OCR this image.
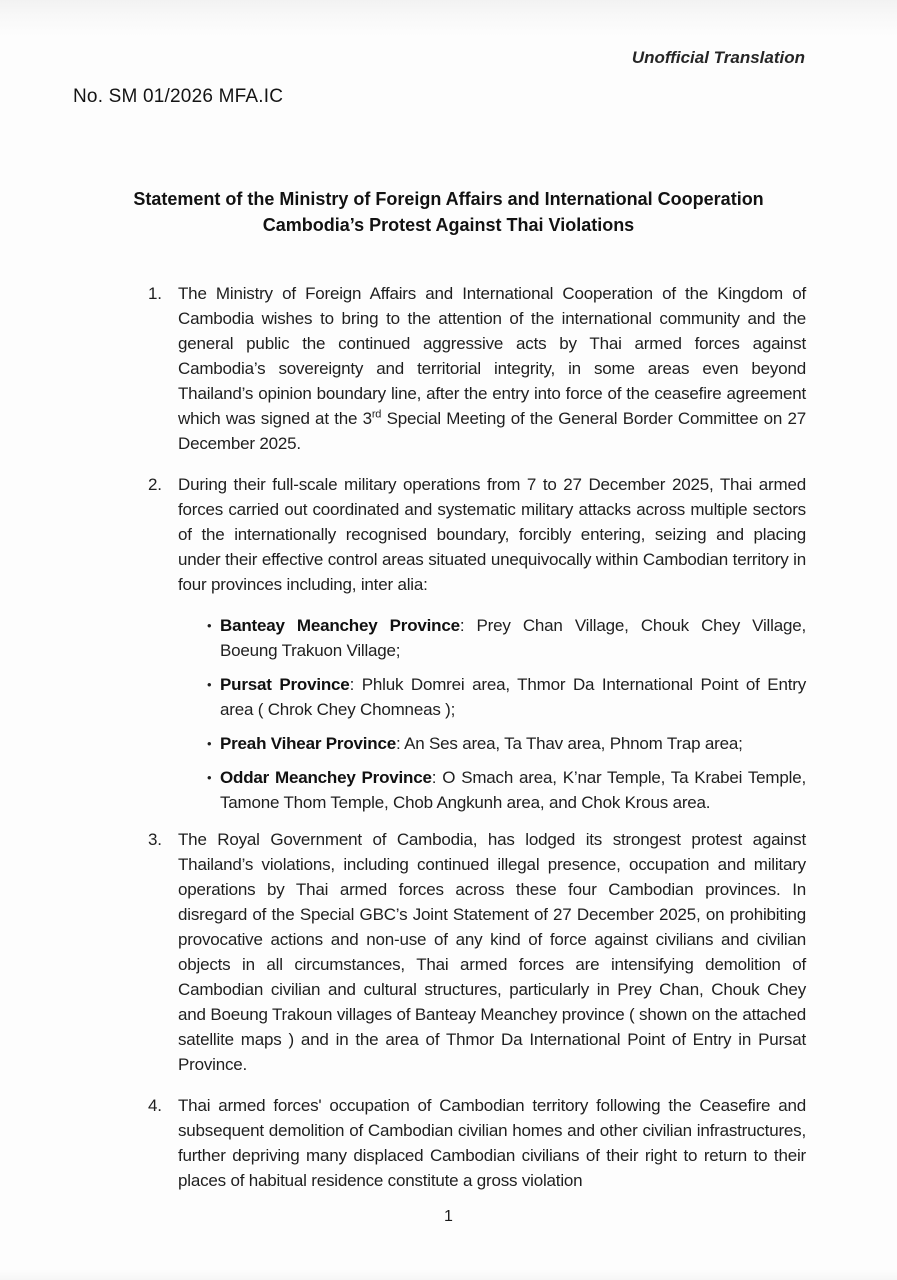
Unofficial Translation
No. SM 01/2026 MFA.IC
Statement of the Ministry of Foreign Affairs and International Cooperation
Cambodia’s Protest Against Thai Violations
1. The Ministry of Foreign Affairs and International Cooperation of the Kingdom of Cambodia wishes to bring to the attention of the international community and the general public the continued aggressive acts by Thai armed forces against Cambodia’s sovereignty and territorial integrity, in some areas even beyond Thailand’s opinion boundary line, after the entry into force of the ceasefire agreement which was signed at the 3rd Special Meeting of the General Border Committee on 27 December 2025.
2. During their full-scale military operations from 7 to 27 December 2025, Thai armed forces carried out coordinated and systematic military attacks across multiple sectors of the internationally recognised boundary, forcibly entering, seizing and placing under their effective control areas situated unequivocally within Cambodian territory in four provinces including, inter alia:
•
Banteay Meanchey Province: Prey Chan Village, Chouk Chey Village, Boeung Trakuon Village;
•
Pursat Province: Phluk Domrei area, Thmor Da International Point of Entry area ( Chrok Chey Chomneas );
•
Preah Vihear Province: An Ses area, Ta Thav area, Phnom Trap area;
•
Oddar Meanchey Province: O Smach area, K’nar Temple, Ta Krabei Temple, Tamone Thom Temple, Chob Angkunh area, and Chok Krous area.
3. The Royal Government of Cambodia, has lodged its strongest protest against Thailand’s violations, including continued illegal presence, occupation and military operations by Thai armed forces across these four Cambodian provinces. In disregard of the Special GBC’s Joint Statement of 27 December 2025, on prohibiting provocative actions and non-use of any kind of force against civilians and civilian objects in all circumstances, Thai armed forces are intensifying demolition of Cambodian civilian and cultural structures, particularly in Prey Chan, Chouk Chey and Boeung Trakoun villages of Banteay Meanchey province ( shown on the attached satellite maps ) and in the area of Thmor Da International Point of Entry in Pursat Province.
4. Thai armed forces' occupation of Cambodian territory following the Ceasefire and subsequent demolition of Cambodian civilian homes and other civilian infrastructures, further depriving many displaced Cambodian civilians of their right to return to their places of habitual residence constitute a gross violation
1
